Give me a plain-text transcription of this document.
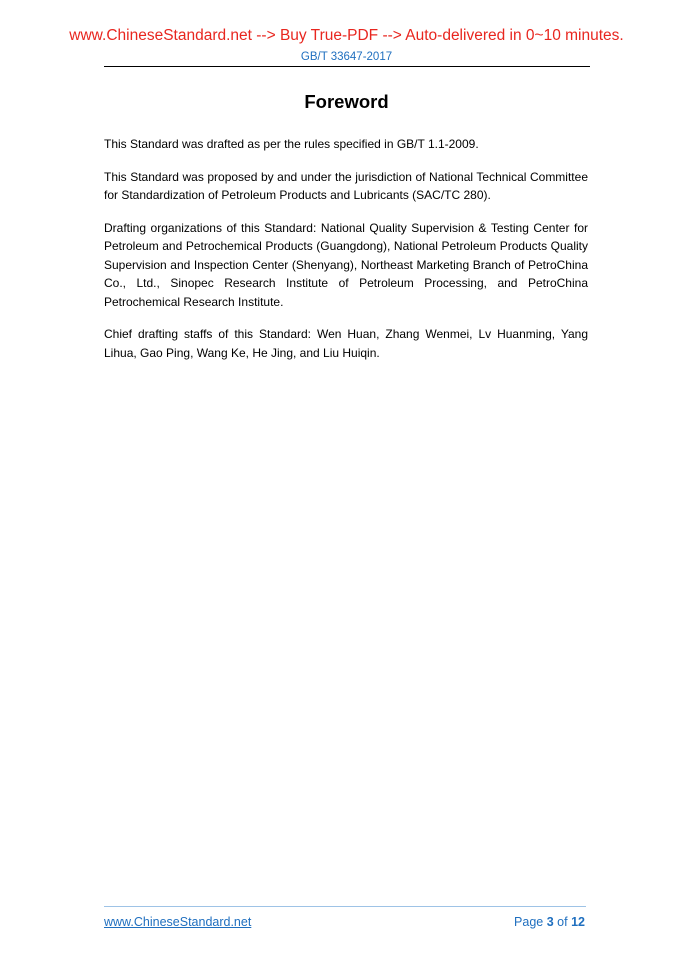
www.ChineseStandard.net --> Buy True-PDF --> Auto-delivered in 0~10 minutes.
GB/T 33647-2017
Foreword

This Standard was drafted as per the rules specified in GB/T 1.1-2009.

This Standard was proposed by and under the jurisdiction of National Technical Committee for Standardization of Petroleum Products and Lubricants (SAC/TC 280).

Drafting organizations of this Standard: National Quality Supervision & Testing Center for Petroleum and Petrochemical Products (Guangdong), National Petroleum Products Quality Supervision and Inspection Center (Shenyang), Northeast Marketing Branch of PetroChina Co., Ltd., Sinopec Research Institute of Petroleum Processing, and PetroChina Petrochemical Research Institute.

Chief drafting staffs of this Standard: Wen Huan, Zhang Wenmei, Lv Huanming, Yang Lihua, Gao Ping, Wang Ke, He Jing, and Liu Huiqin.

www.ChineseStandard.net	Page 3 of 12
